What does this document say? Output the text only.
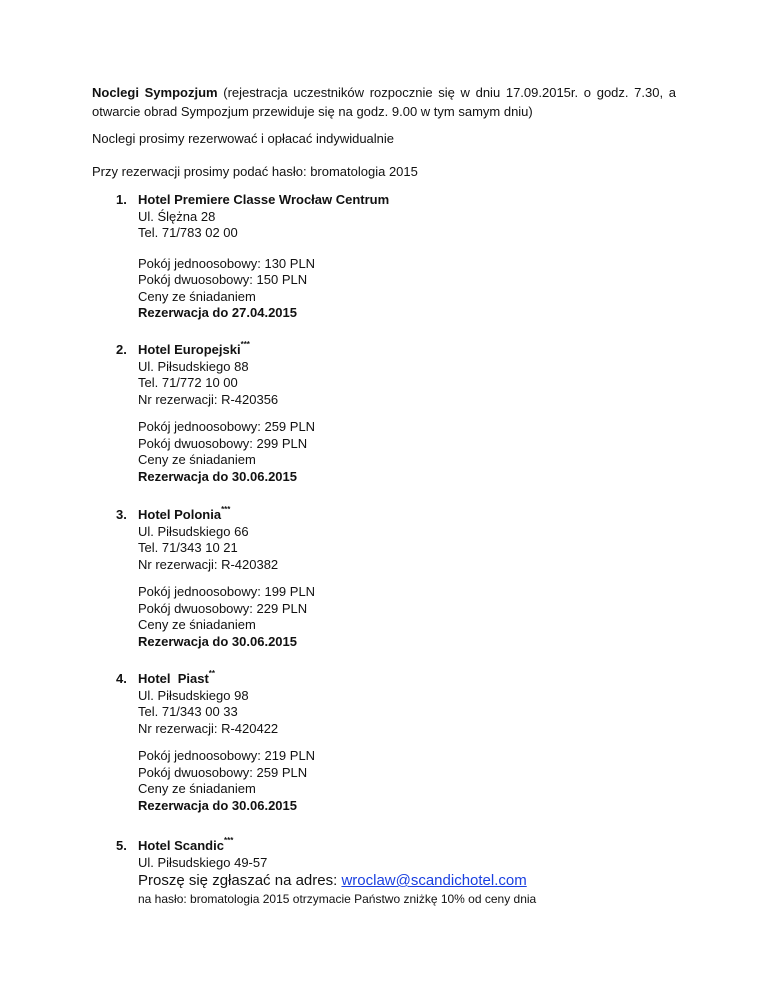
Noclegi Sympozjum (rejestracja uczestników rozpocznie się w dniu 17.09.2015r. o godz. 7.30, a otwarcie obrad Sympozjum przewiduje się na godz. 9.00 w tym samym dniu)
Noclegi prosimy rezerwować i opłacać indywidualnie
Przy rezerwacji prosimy podać hasło: bromatologia 2015
1. Hotel Premiere Classe Wrocław Centrum
Ul. Ślężna 28
Tel. 71/783 02 00
Pokój jednoosobowy: 130 PLN
Pokój dwuosobowy: 150 PLN
Ceny ze śniadaniem
Rezerwacja do 27.04.2015
2. Hotel Europejski***
Ul. Piłsudskiego 88
Tel. 71/772 10 00
Nr rezerwacji: R-420356
Pokój jednoosobowy: 259 PLN
Pokój dwuosobowy: 299 PLN
Ceny ze śniadaniem
Rezerwacja do 30.06.2015
3. Hotel Polonia***
Ul. Piłsudskiego 66
Tel. 71/343 10 21
Nr rezerwacji: R-420382
Pokój jednoosobowy: 199 PLN
Pokój dwuosobowy: 229 PLN
Ceny ze śniadaniem
Rezerwacja do 30.06.2015
4. Hotel  Piast**
Ul. Piłsudskiego 98
Tel. 71/343 00 33
Nr rezerwacji: R-420422
Pokój jednoosobowy: 219 PLN
Pokój dwuosobowy: 259 PLN
Ceny ze śniadaniem
Rezerwacja do 30.06.2015
5. Hotel Scandic***
Ul. Piłsudskiego 49-57
Proszę się zgłaszać na adres: wroclaw@scandichotel.com
na hasło: bromatologia 2015 otrzymacie Państwo zniżkę 10% od ceny dnia
